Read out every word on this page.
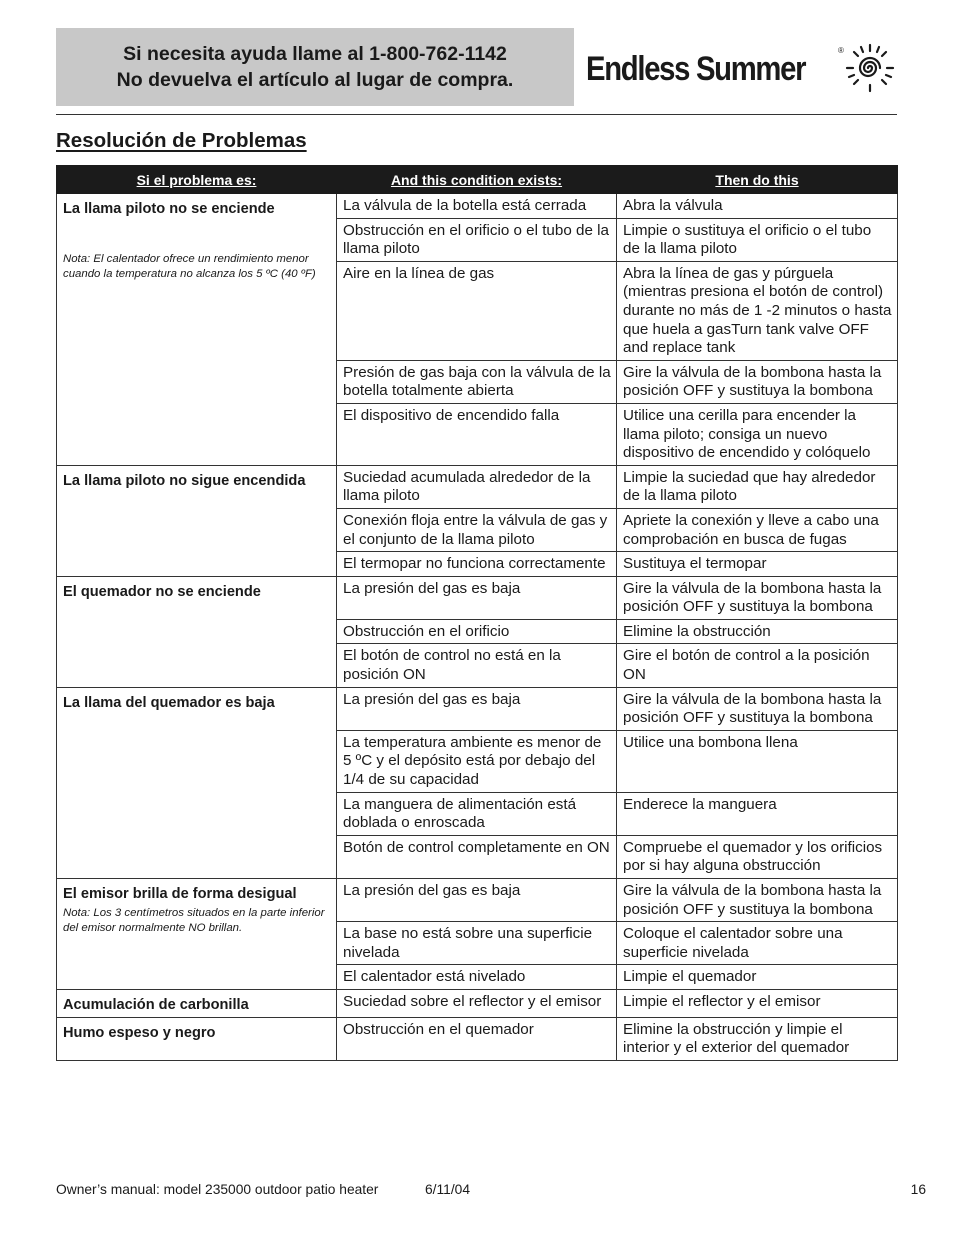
Si necesita ayuda llame al 1-800-762-1142
No devuelva el artículo al lugar de compra.	Endless Summer	®
Resolución de Problemas
Si el problema es:	And this condition exists:	Then do this
La llama piloto no se enciende
Nota: El calentador ofrece un rendimiento menor cuando la temperatura no alcanza los 5 ºC (40 ºF)	La válvula de la botella está cerrada	Abra la válvula
	Obstrucción en el orificio o el tubo de la llama piloto	Limpie o sustituya el orificio o el tubo de la llama piloto
	Aire en la línea de gas	Abra la línea de gas y púrguela (mientras presiona el botón de control) durante no más de 1 -2 minutos o hasta que huela a gasTurn tank valve OFF and replace tank
	Presión de gas baja con la válvula de la botella totalmente abierta	Gire la válvula de la bombona hasta la posición OFF y sustituya la bombona
	El dispositivo de encendido falla	Utilice una cerilla para encender la llama piloto; consiga un nuevo dispositivo de encendido y colóquelo
La llama piloto no sigue encendida	Suciedad acumulada alrededor de la llama piloto	Limpie la suciedad que hay alrededor de la llama piloto
	Conexión floja entre la válvula de gas y el conjunto de la llama piloto	Apriete la conexión y lleve a cabo una comprobación en busca de fugas
	El termopar no funciona correctamente	Sustituya el termopar
El quemador no se enciende	La presión del gas es baja	Gire la válvula de la bombona hasta la posición OFF y sustituya la bombona
	Obstrucción en el orificio	Elimine la obstrucción
	El botón de control no está en la posición ON	Gire el botón de control a la posición ON
La llama del quemador es baja	La presión del gas es baja	Gire la válvula de la bombona hasta la posición OFF y sustituya la bombona
	La temperatura ambiente es menor de 5 ºC y el depósito está por debajo del 1/4 de su capacidad	Utilice una bombona llena
	La manguera de alimentación está doblada o enroscada	Enderece la manguera
	Botón de control completamente en ON	Compruebe el quemador y los orificios por si hay alguna obstrucción
El emisor brilla de forma desigual
Nota: Los 3 centímetros situados en la parte inferior del emisor normalmente NO brillan.	La presión del gas es baja	Gire la válvula de la bombona hasta la posición OFF y sustituya la bombona
	La base no está sobre una superficie nivelada	Coloque el calentador sobre una superficie nivelada
	El calentador está nivelado	Limpie el quemador
Acumulación de carbonilla	Suciedad sobre el reflector y el emisor	Limpie el reflector y el emisor
Humo espeso y negro	Obstrucción en el quemador	Elimine la obstrucción y limpie el interior y el exterior del quemador
Owner’s manual: model 235000 outdoor patio heater	6/11/04	16
